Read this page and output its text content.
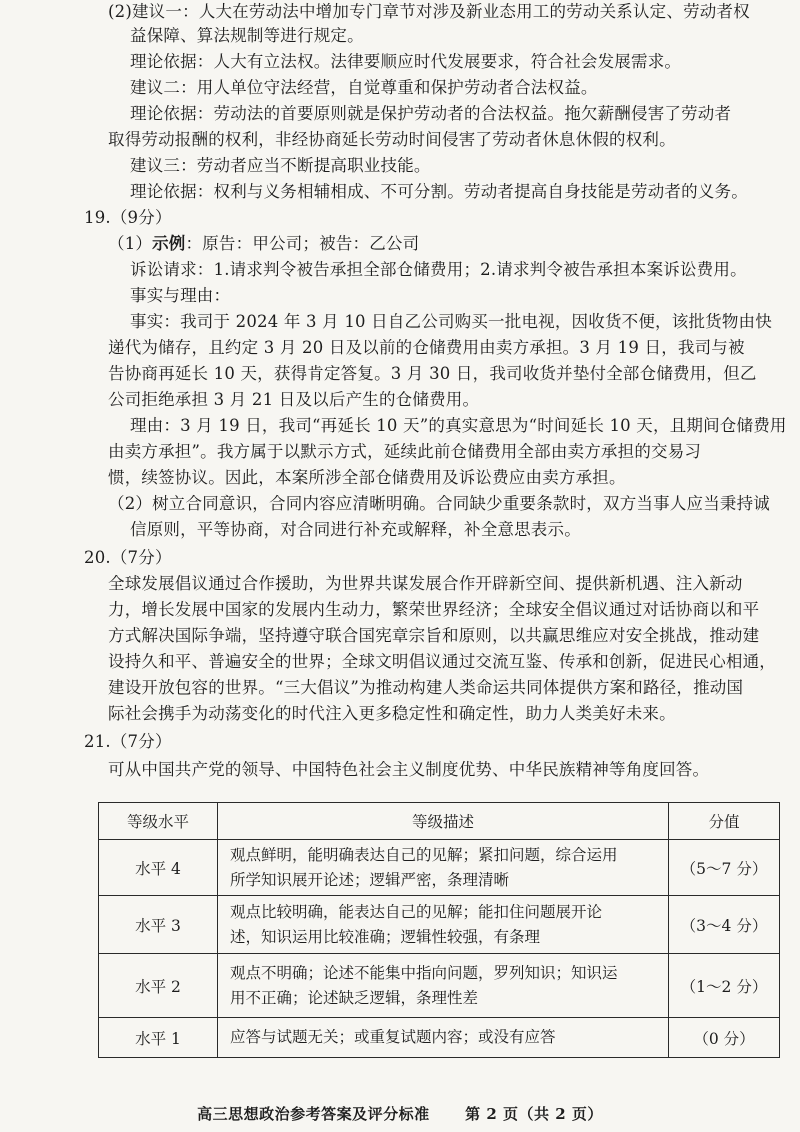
(2)建议一：人大在劳动法中增加专门章节对涉及新业态用工的劳动关系认定、劳动者权
益保障、算法规制等进行规定。
理论依据：人大有立法权。法律要顺应时代发展要求，符合社会发展需求。
建议二：用人单位守法经营，自觉尊重和保护劳动者合法权益。
理论依据：劳动法的首要原则就是保护劳动者的合法权益。拖欠薪酬侵害了劳动者
取得劳动报酬的权利，非经协商延长劳动时间侵害了劳动者休息休假的权利。
建议三：劳动者应当不断提高职业技能。
理论依据：权利与义务相辅相成、不可分割。劳动者提高自身技能是劳动者的义务。
19.（9分）
（1）示例：原告：甲公司；被告：乙公司
诉讼请求：1.请求判令被告承担全部仓储费用；2.请求判令被告承担本案诉讼费用。
事实与理由：
事实：我司于 2024 年 3 月 10 日自乙公司购买一批电视，因收货不便，该批货物由快
递代为储存，且约定 3 月 20 日及以前的仓储费用由卖方承担。3 月 19 日，我司与被
告协商再延长 10 天，获得肯定答复。3 月 30 日，我司收货并垫付全部仓储费用，但乙
公司拒绝承担 3 月 21 日及以后产生的仓储费用。
理由：3 月 19 日，我司“再延长 10 天”的真实意思为“时间延长 10 天，且期间仓储费用
由卖方承担”。我方属于以默示方式，延续此前仓储费用全部由卖方承担的交易习
惯，续签协议。因此，本案所涉全部仓储费用及诉讼费应由卖方承担。
（2）树立合同意识，合同内容应清晰明确。合同缺少重要条款时，双方当事人应当秉持诚
信原则，平等协商，对合同进行补充或解释，补全意思表示。
20.（7分）
全球发展倡议通过合作援助，为世界共谋发展合作开辟新空间、提供新机遇、注入新动
力，增长发展中国家的发展内生动力，繁荣世界经济；全球安全倡议通过对话协商以和平
方式解决国际争端，坚持遵守联合国宪章宗旨和原则，以共赢思维应对安全挑战，推动建
设持久和平、普遍安全的世界；全球文明倡议通过交流互鉴、传承和创新，促进民心相通，
建设开放包容的世界。“三大倡议”为推动构建人类命运共同体提供方案和路径，推动国
际社会携手为动荡变化的时代注入更多稳定性和确定性，助力人类美好未来。
21.（7分）
可从中国共产党的领导、中国特色社会主义制度优势、中华民族精神等角度回答。
等级水平	等级描述	分值
水平 4	观点鲜明，能明确表达自己的见解；紧扣问题，综合运用
所学知识展开论述；逻辑严密，条理清晰	（5～7 分）
水平 3	观点比较明确，能表达自己的见解；能扣住问题展开论
述，知识运用比较准确；逻辑性较强，有条理	（3～4 分）
水平 2	观点不明确；论述不能集中指向问题，罗列知识；知识运
用不正确；论述缺乏逻辑，条理性差	（1～2 分）
水平 1	应答与试题无关；或重复试题内容；或没有应答	（0 分）
高三思想政治参考答案及评分标准 第 2 页（共 2 页）
